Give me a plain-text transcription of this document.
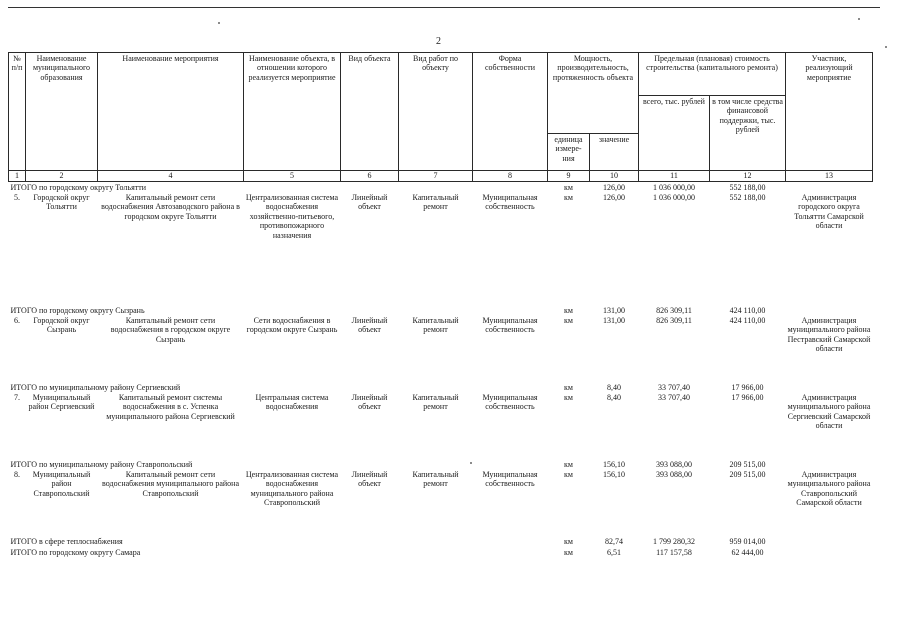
2
№ п/п	Наименование муниципального образования	Наименование мероприятия	Наименование объекта, в отношении которого реализуется мероприятие	Вид объекта	Вид работ по объекту	Форма собственности	Мощность, производительность, протяженность объекта		Предельная (плановая) стоимость строительства (капитального ремонта)		Участник, реализующий мероприятие
									всего, тыс. рублей	в том числе средства финансовой поддержки, тыс. рублей	
							единица измере-ния	значение			
1	2	4	5	6	7	8	9	10	11	12	13
ИТОГО по городскому округу Тольятти							км	126,00	1 036 000,00	552 188,00	
5.	Городской округ Тольятти	Капитальный ремонт сети водоснабжения Автозаводского района в городском округе Тольятти	Централизованная система водоснабжения хозяйственно-питьевого, противопожарного назначения	Линейный объект	Капитальный ремонт	Муниципальная собственность	км	126,00	1 036 000,00	552 188,00	Администрация городского округа Тольятти Самарской области
ИТОГО по городскому округу Сызрань							км	131,00	826 309,11	424 110,00	
6.	Городской округ Сызрань	Капитальный ремонт сети водоснабжения в городском округе Сызрань	Сети водоснабжения в городском округе Сызрань	Линейный объект	Капитальный ремонт	Муниципальная собственность	км	131,00	826 309,11	424 110,00	Администрация муниципального района Пестравский Самарской области
ИТОГО по муниципальному району Сергиевский							км	8,40	33 707,40	17 966,00	
7.	Муниципальный район Сергиевский	Капитальный ремонт системы водоснабжения в с. Успенка муниципального района Сергиевский	Центральная система водоснабжения	Линейный объект	Капитальный ремонт	Муниципальная собственность	км	8,40	33 707,40	17 966,00	Администрация муниципального района Сергиевский Самарской области
ИТОГО по муниципальному району Ставропольский							км	156,10	393 088,00	209 515,00	
8.	Муниципальный район Ставропольский	Капитальный ремонт сети водоснабжения муниципального района Ставропольский	Централизованная система водоснабжения муниципального района Ставропольский	Линейный объект	Капитальный ремонт	Муниципальная собственность	км	156,10	393 088,00	209 515,00	Администрация муниципального района Ставропольский Самарской области
ИТОГО в сфере теплоснабжения							км	82,74	1 799 280,32	959 014,00	
ИТОГО по городскому округу Самара							км	6,51	117 157,58	62 444,00	
